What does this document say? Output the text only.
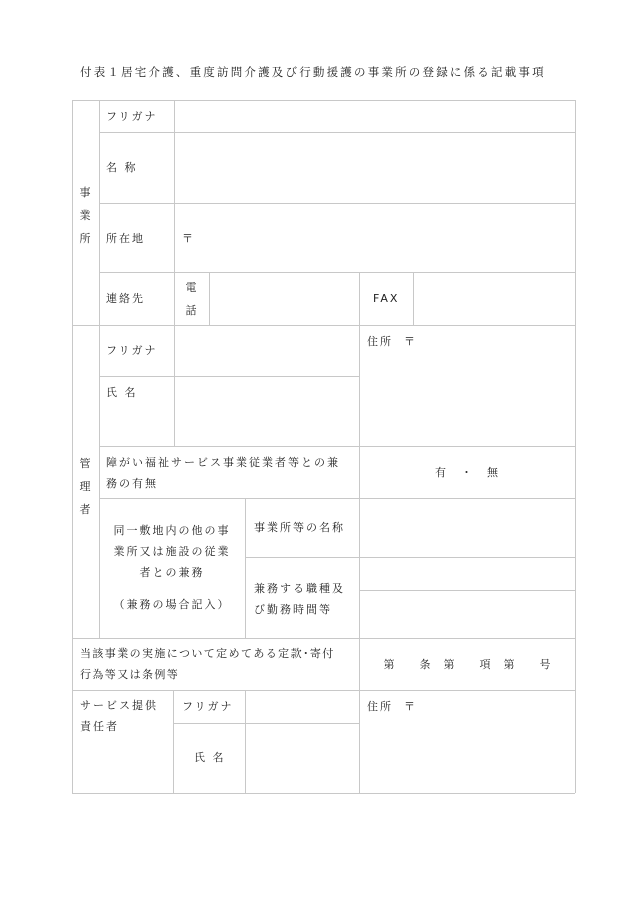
付表１居宅介護、重度訪問介護及び行動援護の事業所の登録に係る記載事項
事
業
所
フリガナ
名 称
所在地	〒
連絡先
電
話
FAX
管
理
者
フリガナ
氏 名
住所 〒
障がい福祉サービス事業従業者等との兼
務の有無
有　・　無
同一敷地内の他の事
業所又は施設の従業
者との兼務
（兼務の場合記入）
事業所等の名称
兼務する職種及
び勤務時間等
当該事業の実施について定めてある定款･寄付
行為等又は条例等
第　　条　第　　項　第　　号
サービス提供
責任者
フリガナ
氏 名
住所 〒
